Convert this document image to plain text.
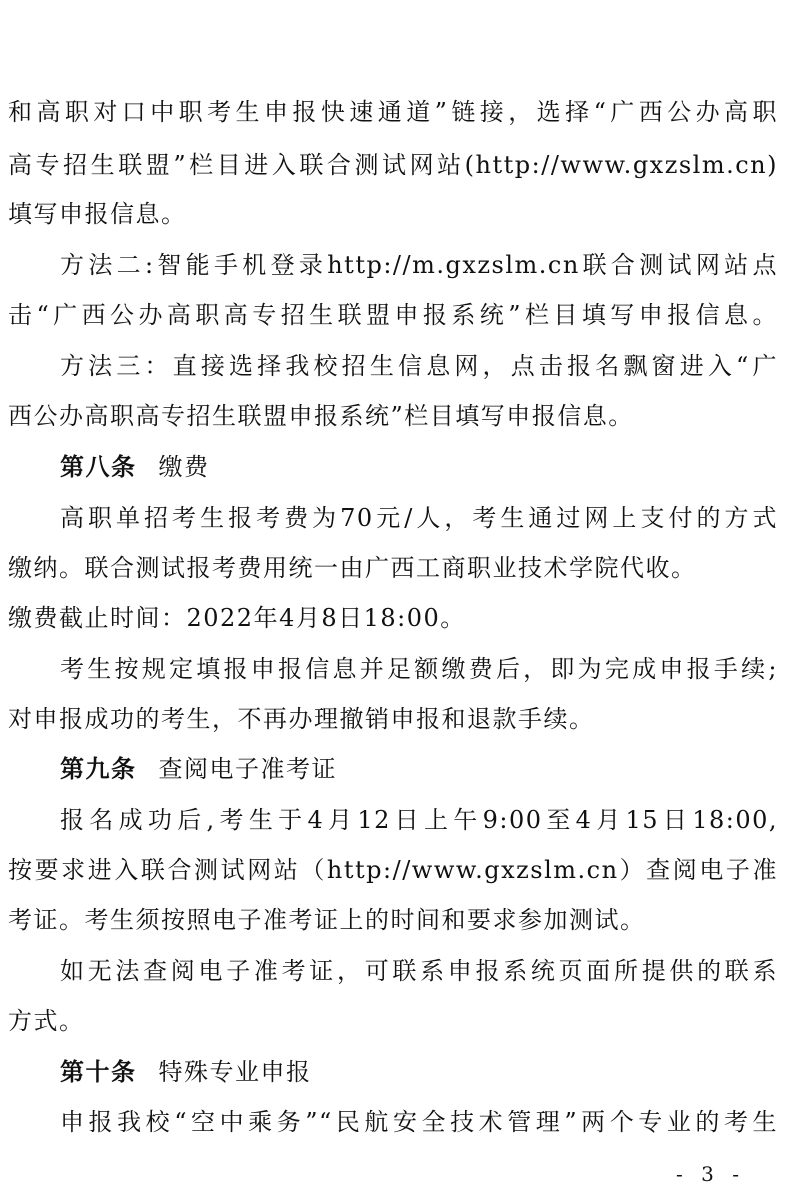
和高职对口中职考生申报快速通道”链接，选择“广西公办高职
高专招生联盟”栏目进入联合测试网站(http://www.gxzslm.cn)
填写申报信息。
方法二:智能手机登录http://m.gxzslm.cn联合测试网站点
击“广西公办高职高专招生联盟申报系统”栏目填写申报信息。
方法三：直接选择我校招生信息网，点击报名飘窗进入“广
西公办高职高专招生联盟申报系统”栏目填写申报信息。
第八条 缴费
高职单招考生报考费为70元/人，考生通过网上支付的方式
缴纳。联合测试报考费用统一由广西工商职业技术学院代收。
缴费截止时间：2022年4月8日18:00。
考生按规定填报申报信息并足额缴费后，即为完成申报手续;
对申报成功的考生，不再办理撤销申报和退款手续。
第九条 查阅电子准考证
报名成功后,考生于4月12日上午9:00至4月15日18:00,
按要求进入联合测试网站（http://www.gxzslm.cn）查阅电子准
考证。考生须按照电子准考证上的时间和要求参加测试。
如无法查阅电子准考证，可联系申报系统页面所提供的联系
方式。
第十条 特殊专业申报
申报我校“空中乘务”“民航安全技术管理”两个专业的考生
- 3 -
